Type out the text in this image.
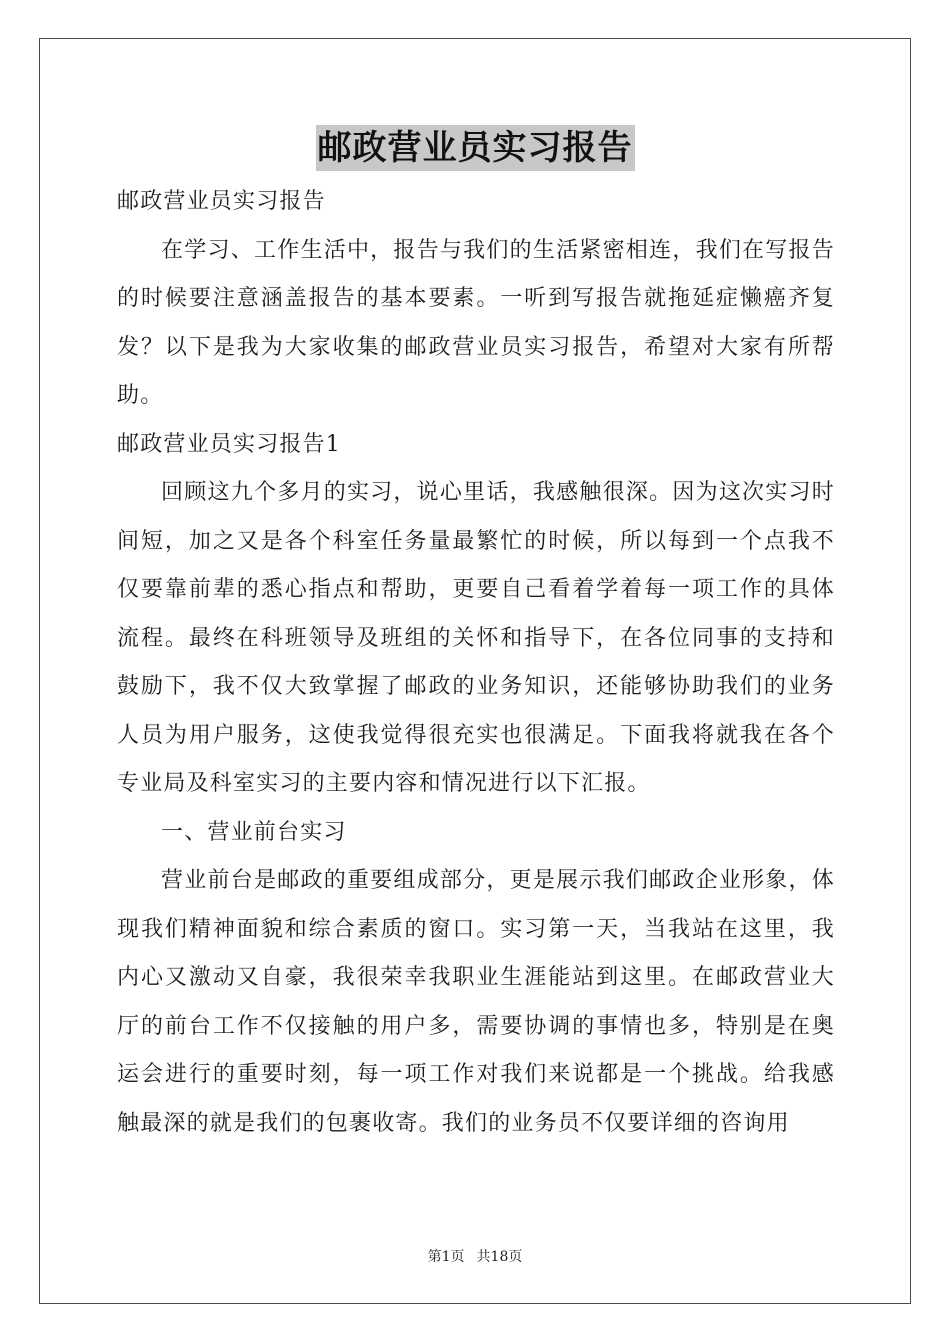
邮政营业员实习报告

邮政营业员实习报告

在学习、工作生活中，报告与我们的生活紧密相连，我们在写报告的时候要注意涵盖报告的基本要素。一听到写报告就拖延症懒癌齐复发？以下是我为大家收集的邮政营业员实习报告，希望对大家有所帮助。

邮政营业员实习报告1

回顾这九个多月的实习，说心里话，我感触很深。因为这次实习时间短，加之又是各个科室任务量最繁忙的时候，所以每到一个点我不仅要靠前辈的悉心指点和帮助，更要自己看着学着每一项工作的具体流程。最终在科班领导及班组的关怀和指导下，在各位同事的支持和鼓励下，我不仅大致掌握了邮政的业务知识，还能够协助我们的业务人员为用户服务，这使我觉得很充实也很满足。下面我将就我在各个专业局及科室实习的主要内容和情况进行以下汇报。

一、营业前台实习

营业前台是邮政的重要组成部分，更是展示我们邮政企业形象，体现我们精神面貌和综合素质的窗口。实习第一天，当我站在这里，我内心又激动又自豪，我很荣幸我职业生涯能站到这里。在邮政营业大厅的前台工作不仅接触的用户多，需要协调的事情也多，特别是在奥运会进行的重要时刻，每一项工作对我们来说都是一个挑战。给我感触最深的就是我们的包裹收寄。我们的业务员不仅要详细的咨询用

第1页 共18页
